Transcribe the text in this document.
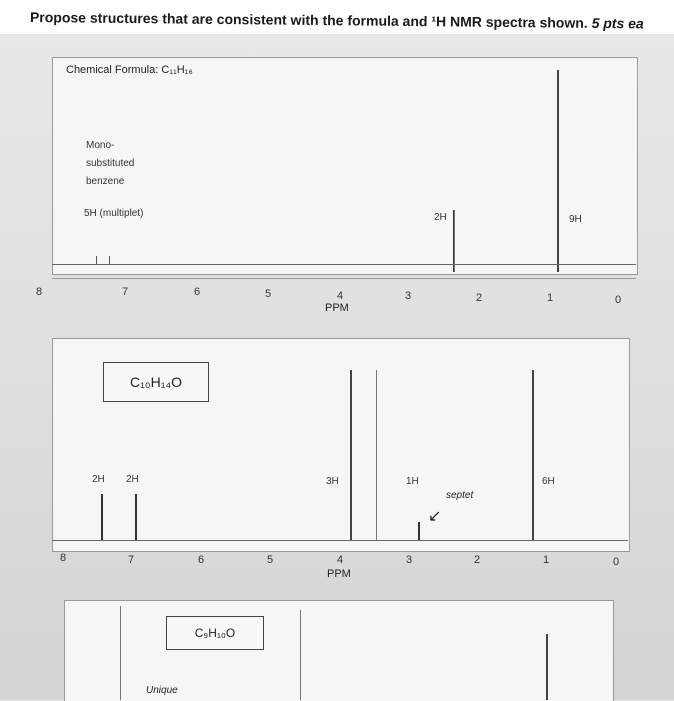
Propose structures that are consistent with the formula and ¹H NMR spectra shown. 5 pts ea
Chemical Formula: C₁₁H₁₆
Mono-
substituted
benzene
5H (multiplet)	2H	9H
8	7	6	5	4	3	2	1	0
PPM
C₁₀H₁₄O
2H 2H	3H	1H
septet
↙
6H
8	7	6	5	4	3	2	1	0
PPM
C₉H₁₀O
Unique
